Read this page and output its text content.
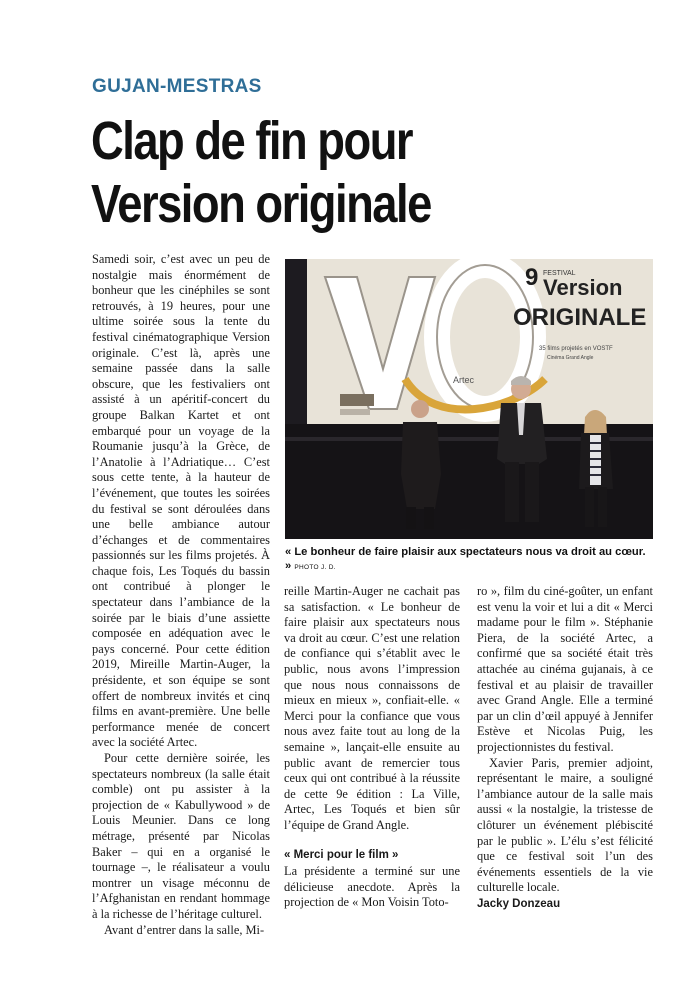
GUJAN-MESTRAS
Clap de fin pour
Version originale

Samedi soir, c’est avec un peu de nostalgie mais énormément de bonheur que les cinéphiles se sont retrouvés, à 19 heures, pour une ultime soirée sous la tente du festival cinématographique Version originale. C’est là, après une semaine passée dans la salle obscure, que les festivaliers ont assisté à un apéritif-concert du groupe Balkan Kartet et ont embarqué pour un voyage de la Roumanie jusqu’à la Grèce, de l’Anatolie à l’Adriatique… C’est sous cette tente, à la hauteur de l’événement, que toutes les soirées du festival se sont déroulées dans une belle ambiance autour d’échanges et de commentaires passionnés sur les films projetés. À chaque fois, Les Toqués du bassin ont contribué à plonger le spectateur dans l’ambiance de la soirée par le biais d’une assiette composée en adéquation avec le pays concerné. Pour cette édition 2019, Mireille Martin-Auger, la présidente, et son équipe se sont offert de nombreux invités et cinq films en avant-première. Une belle performance menée de concert avec la société Artec.

Pour cette dernière soirée, les spectateurs nombreux (la salle était comble) ont pu assister à la projection de « Kabullywood » de Louis Meunier. Dans ce long métrage, présenté par Nicolas Baker – qui en a organisé le tournage –, le réalisateur a voulu montrer un visage méconnu de l’Afghanistan en rendant hommage à la richesse de l’héritage culturel.

Avant d’entrer dans la salle, Mi-

9 FESTIVAL
Version
ORIGINALE
35 films projetés en VOSTF
Cinéma Grand Angle
Artec
« Le bonheur de faire plaisir aux spectateurs nous va droit au cœur. » PHOTO J. D.

reille Martin-Auger ne cachait pas sa satisfaction. « Le bonheur de faire plaisir aux spectateurs nous va droit au cœur. C’est une relation de confiance qui s’établit avec le public, nous avons l’impression que nous nous connaissons de mieux en mieux », confiait-elle. « Merci pour la confiance que vous nous avez faite tout au long de la semaine », lançait-elle ensuite au public avant de remercier tous ceux qui ont contribué à la réussite de cette 9e édition : La Ville, Artec, Les Toqués et bien sûr l’équipe de Grand Angle.

« Merci pour le film »

La présidente a terminé sur une délicieuse anecdote. Après la projection de « Mon Voisin Toto-

ro », film du ciné-goûter, un enfant est venu la voir et lui a dit « Merci madame pour le film ». Stéphanie Piera, de la société Artec, a confirmé que sa société était très attachée au cinéma gujanais, à ce festival et au plaisir de travailler avec Grand Angle. Elle a terminé par un clin d’œil appuyé à Jennifer Estève et Nicolas Puig, les projectionnistes du festival.

Xavier Paris, premier adjoint, représentant le maire, a souligné l’ambiance autour de la salle mais aussi « la nostalgie, la tristesse de clôturer un événement plébiscité par le public ». L’élu s’est félicité que ce festival soit l’un des événements essentiels de la vie culturelle locale.

Jacky Donzeau
